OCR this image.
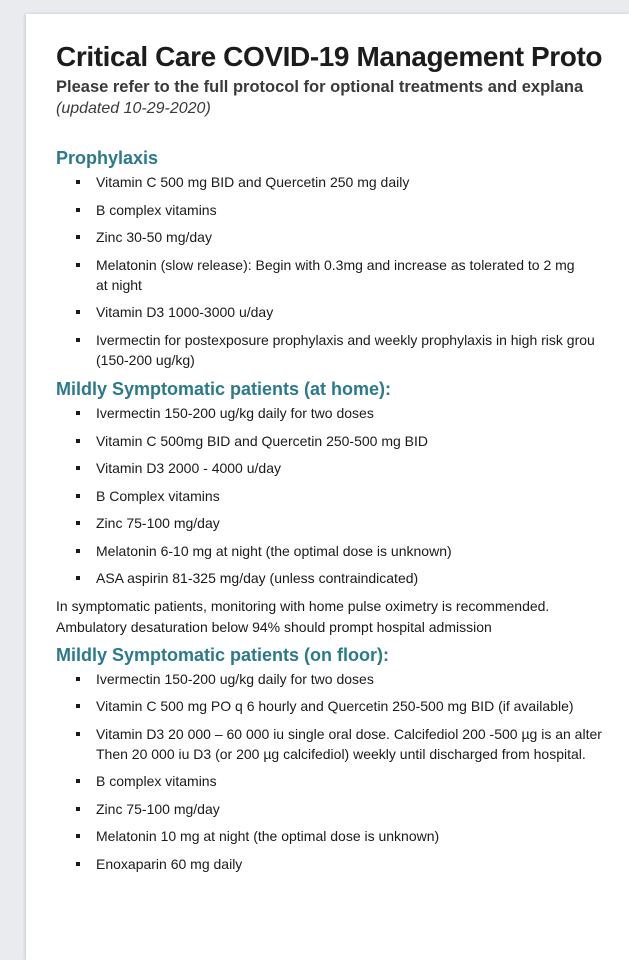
Critical Care COVID-19 Management Proto

Please refer to the full protocol for optional treatments and explana

(updated 10-29-2020)

Prophylaxis
Vitamin C 500 mg BID and Quercetin 250 mg daily
B complex vitamins
Zinc 30-50 mg/day
Melatonin (slow release): Begin with 0.3mg and increase as tolerated to 2 mg
at night
Vitamin D3 1000-3000 u/day
Ivermectin for postexposure prophylaxis and weekly prophylaxis in high risk grou
(150-200 ug/kg)
Mildly Symptomatic patients (at home):
Ivermectin 150-200 ug/kg daily for two doses
Vitamin C 500mg BID and Quercetin 250-500 mg BID
Vitamin D3 2000 - 4000 u/day
B Complex vitamins
Zinc 75-100 mg/day
Melatonin 6-10 mg at night (the optimal dose is unknown)
ASA aspirin 81-325 mg/day (unless contraindicated)

In symptomatic patients, monitoring with home pulse oximetry is recommended.
Ambulatory desaturation below 94% should prompt hospital admission

Mildly Symptomatic patients (on floor):
Ivermectin 150-200 ug/kg daily for two doses
Vitamin C 500 mg PO q 6 hourly and Quercetin 250-500 mg BID (if available)
Vitamin D3 20 000 – 60 000 iu single oral dose. Calcifediol 200 -500 µg is an alter
Then 20 000 iu D3 (or 200 µg calcifediol) weekly until discharged from hospital.
B complex vitamins
Zinc 75-100 mg/day
Melatonin 10 mg at night (the optimal dose is unknown)
Enoxaparin 60 mg daily
